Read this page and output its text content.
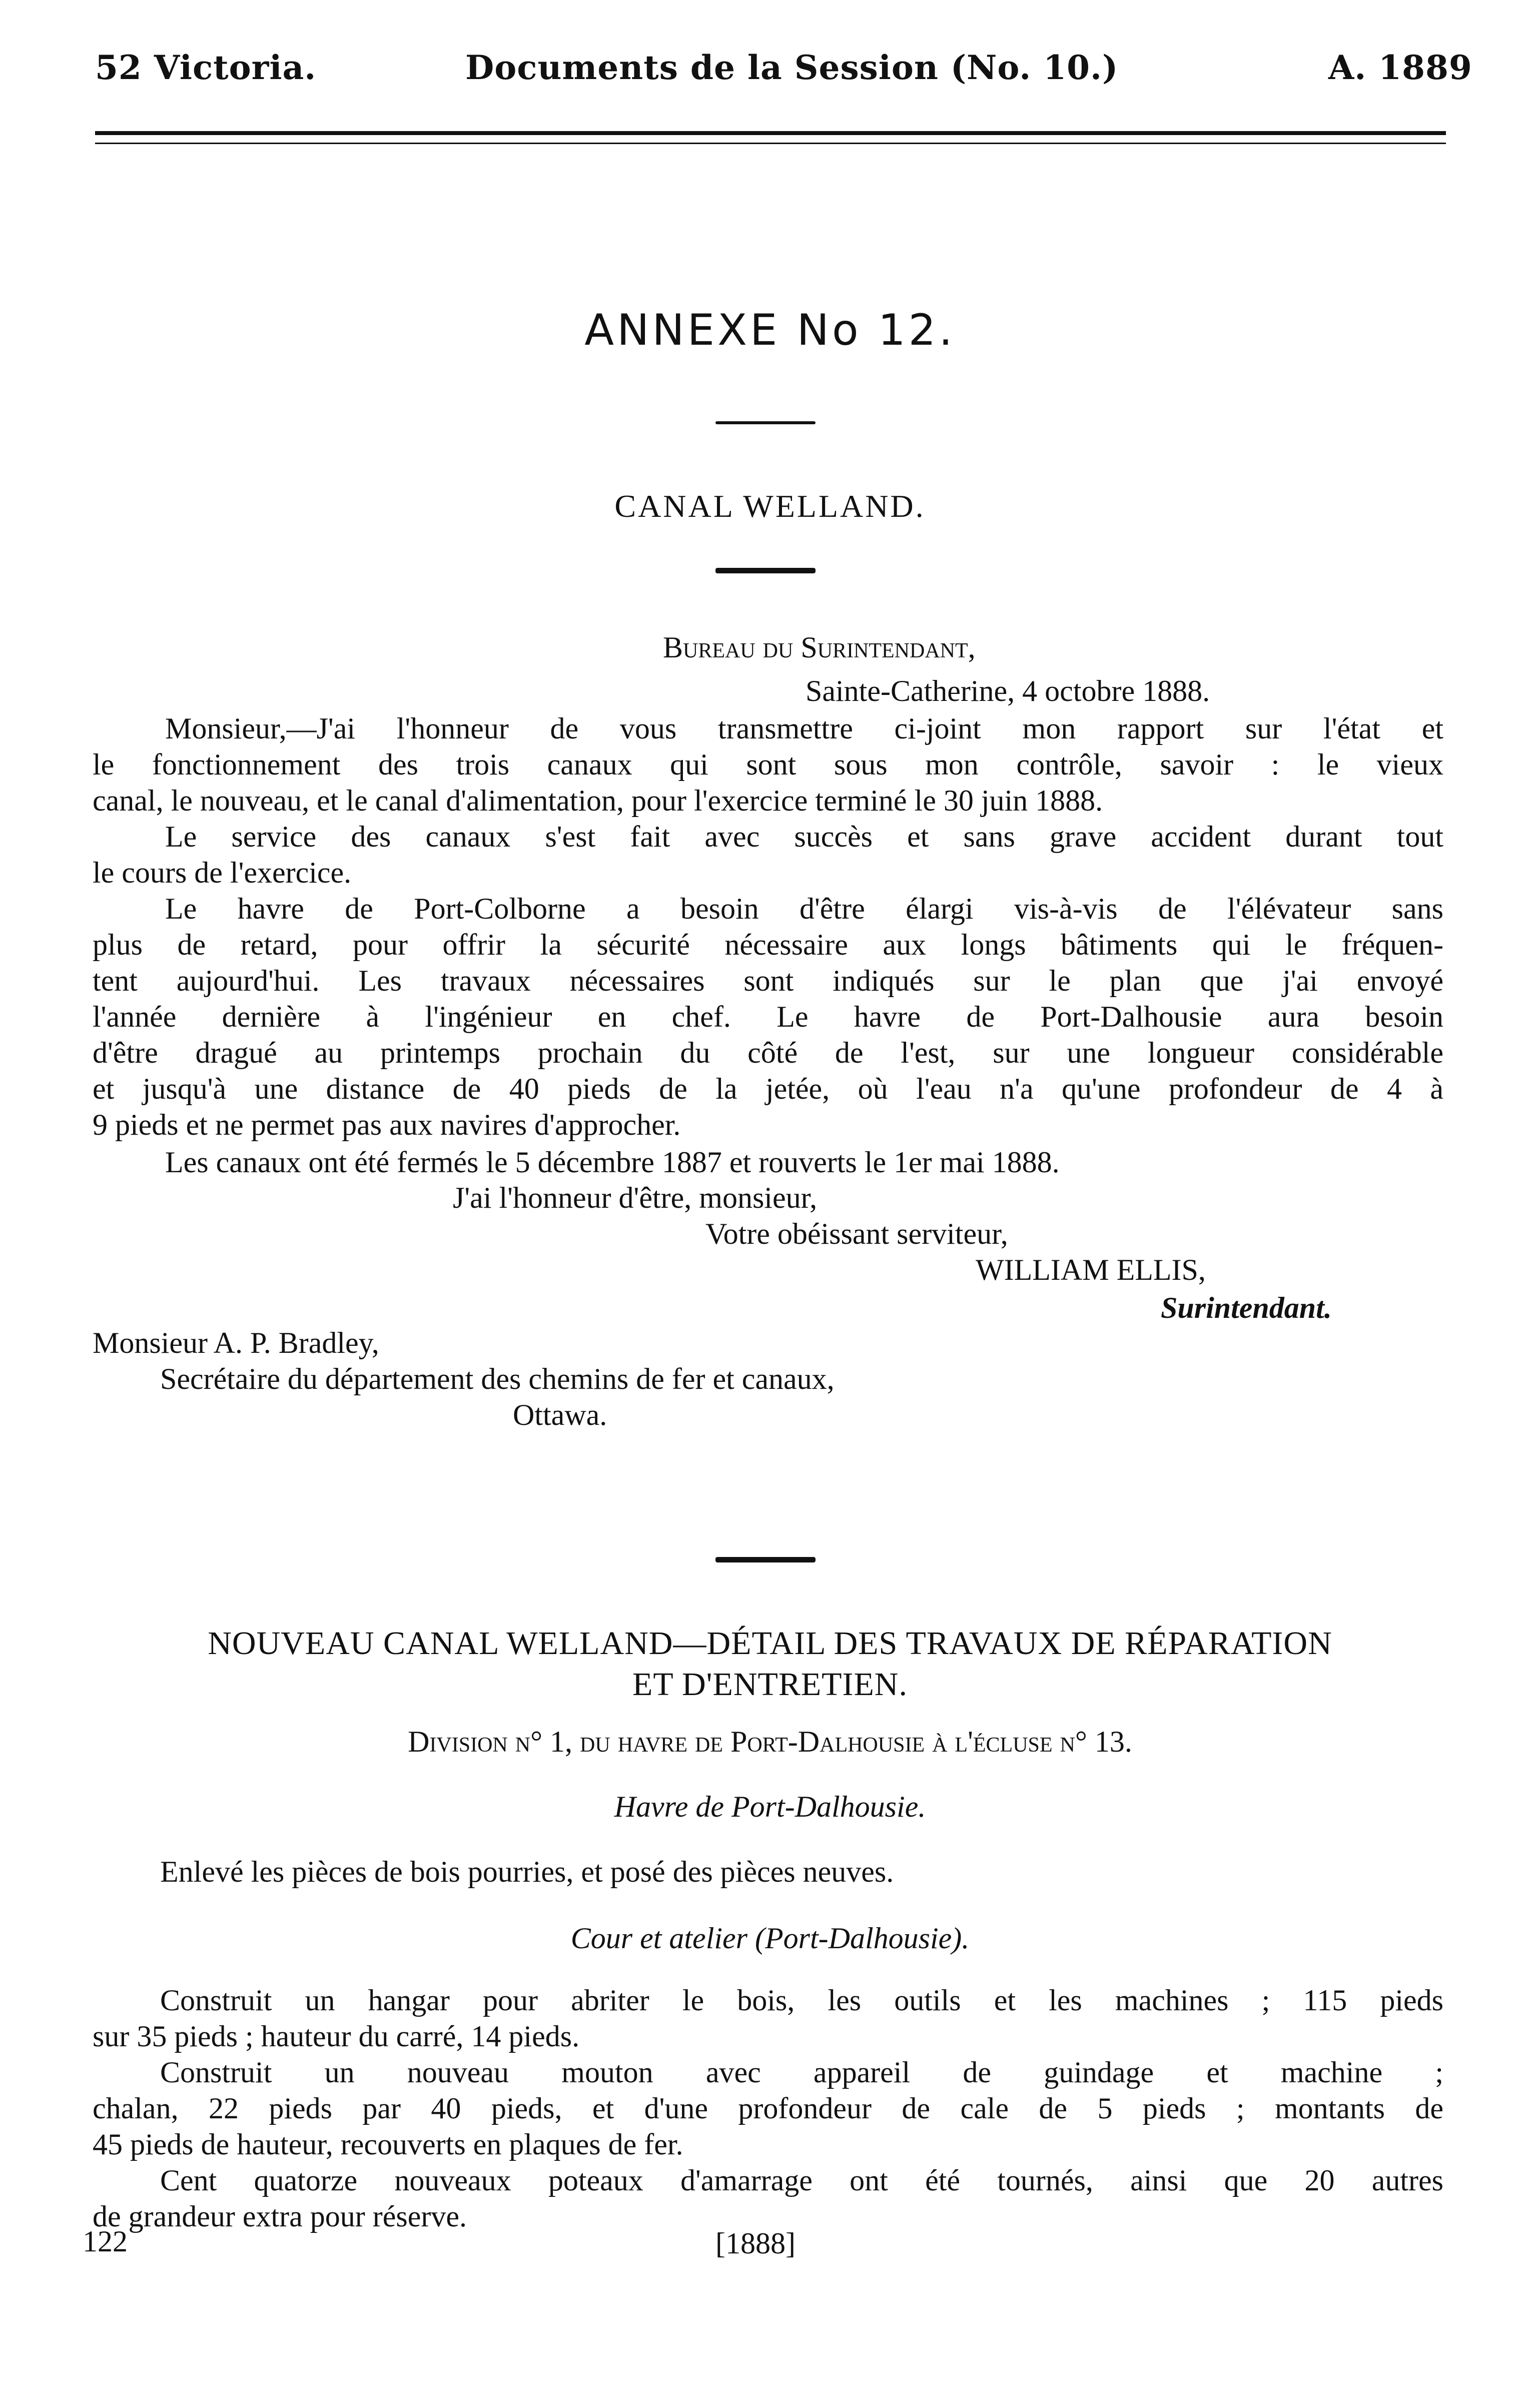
52 Victoria.	Documents de la Session (No. 10.)	A. 1889
ANNEXE No 12.
CANAL WELLAND.
Bureau du Surintendant,
Sainte-Catherine, 4 octobre 1888.
Monsieur,—J'ai l'honneur de vous transmettre ci-joint mon rapport sur l'état et
le fonctionnement des trois canaux qui sont sous mon contrôle, savoir : le vieux
canal, le nouveau, et le canal d'alimentation, pour l'exercice terminé le 30 juin 1888.
Le service des canaux s'est fait avec succès et sans grave accident durant tout
le cours de l'exercice.
Le havre de Port-Colborne a besoin d'être élargi vis-à-vis de l'élévateur sans
plus de retard, pour offrir la sécurité nécessaire aux longs bâtiments qui le fréquen-
tent aujourd'hui. Les travaux nécessaires sont indiqués sur le plan que j'ai envoyé
l'année dernière à l'ingénieur en chef. Le havre de Port-Dalhousie aura besoin
d'être dragué au printemps prochain du côté de l'est, sur une longueur considérable
et jusqu'à une distance de 40 pieds de la jetée, où l'eau n'a qu'une profondeur de 4 à
9 pieds et ne permet pas aux navires d'approcher.
Les canaux ont été fermés le 5 décembre 1887 et rouverts le 1er mai 1888.
J'ai l'honneur d'être, monsieur,
Votre obéissant serviteur,
WILLIAM ELLIS,
Surintendant.
Monsieur A. P. Bradley,
Secrétaire du département des chemins de fer et canaux,
Ottawa.
NOUVEAU CANAL WELLAND—DÉTAIL DES TRAVAUX DE RÉPARATION
ET D'ENTRETIEN.
Division n° 1, du havre de Port-Dalhousie à l'écluse n° 13.
Havre de Port-Dalhousie.
Enlevé les pièces de bois pourries, et posé des pièces neuves.
Cour et atelier (Port-Dalhousie).
Construit un hangar pour abriter le bois, les outils et les machines ; 115 pieds
sur 35 pieds ; hauteur du carré, 14 pieds.
Construit un nouveau mouton avec appareil de guindage et machine ;
chalan, 22 pieds par 40 pieds, et d'une profondeur de cale de 5 pieds ; montants de
45 pieds de hauteur, recouverts en plaques de fer.
Cent quatorze nouveaux poteaux d'amarrage ont été tournés, ainsi que 20 autres
de grandeur extra pour réserve.
122	[1888]
